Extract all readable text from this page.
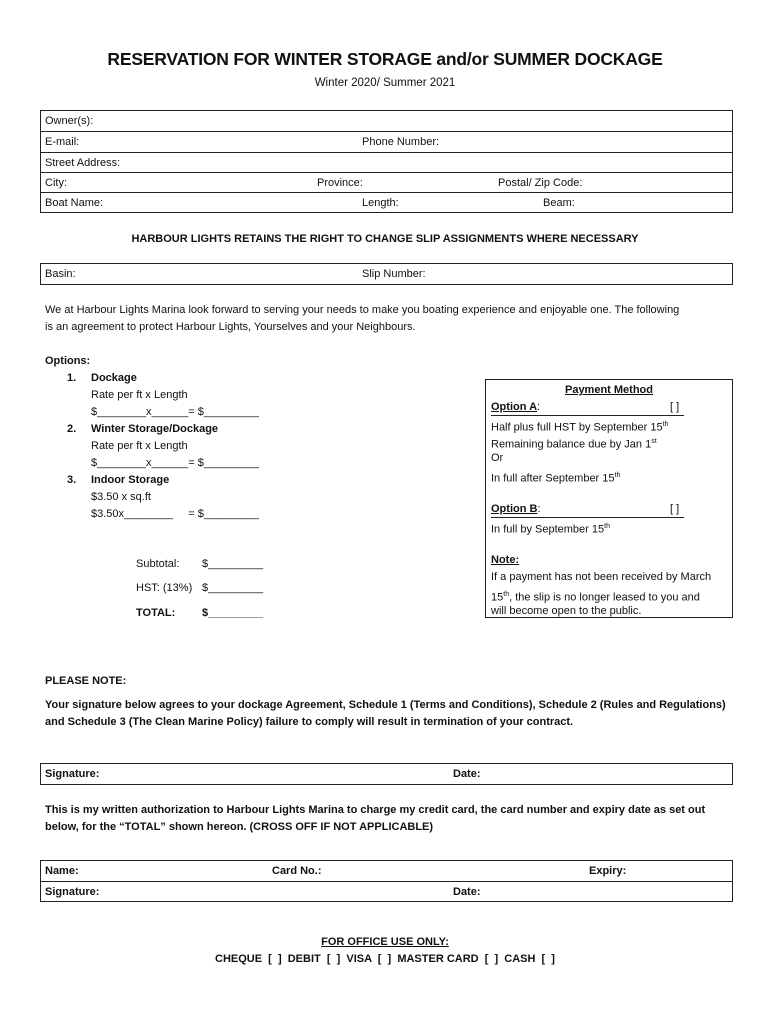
RESERVATION FOR WINTER STORAGE and/or SUMMER DOCKAGE
Winter 2020/ Summer 2021
Owner(s):
E-mail:	Phone Number:
Street Address:
City:	Province:	Postal/ Zip Code:
Boat Name:	Length:	Beam:
HARBOUR LIGHTS RETAINS THE RIGHT TO CHANGE SLIP ASSIGNMENTS WHERE NECESSARY
Basin:	Slip Number:
We at Harbour Lights Marina look forward to serving your needs to make you boating experience and enjoyable one. The following
is an agreement to protect Harbour Lights, Yourselves and your Neighbours.
Options:
1. Dockage
Rate per ft x Length
$________x______= $_________
2. Winter Storage/Dockage
Rate per ft x Length
$________x______= $_________
3. Indoor Storage
$3.50 x sq.ft
$3.50x________     = $_________
Subtotal: $_________
HST: (13%) $_________
TOTAL: $_________
Payment Method
Option A:	[ ]
Half plus full HST by September 15th
Remaining balance due by Jan 1st
Or
In full after September 15th
Option B:	[ ]
In full by September 15th
Note:
If a payment has not been received by March
15th, the slip is no longer leased to you and
will become open to the public.
PLEASE NOTE:
Your signature below agrees to your dockage Agreement, Schedule 1 (Terms and Conditions), Schedule 2 (Rules and Regulations)
and Schedule 3 (The Clean Marine Policy) failure to comply will result in termination of your contract.
Signature:	Date:
This is my written authorization to Harbour Lights Marina to charge my credit card, the card number and expiry date as set out
below, for the “TOTAL” shown hereon. (CROSS OFF IF NOT APPLICABLE)
Name:	Card No.:	Expiry:
Signature:	Date:
FOR OFFICE USE ONLY:
CHEQUE  [  ]  DEBIT  [  ]  VISA  [  ]  MASTER CARD  [  ]  CASH  [  ]
